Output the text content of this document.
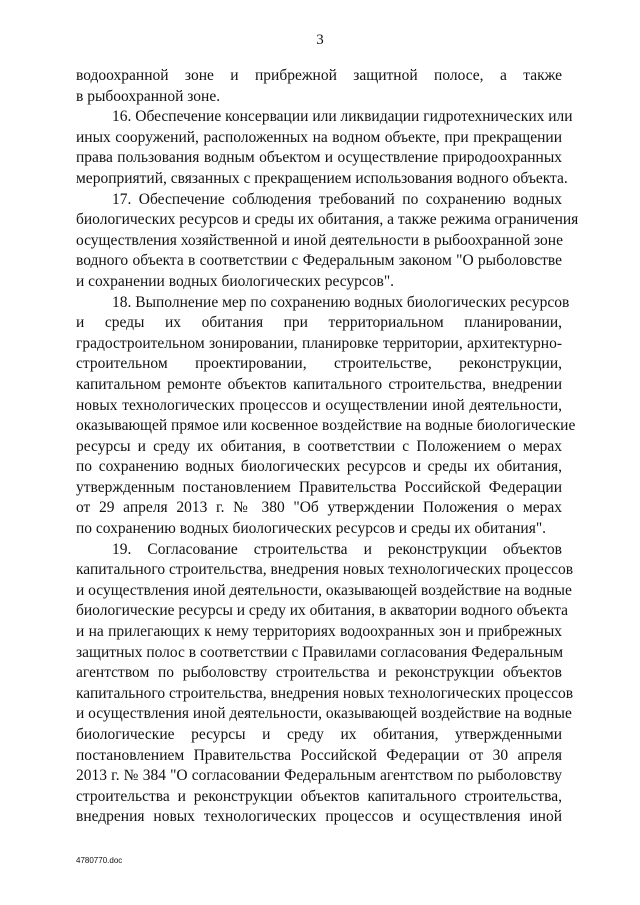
3

водоохранной зоне и прибрежной защитной полосе, а также
в рыбоохранной зоне.

16. Обеспечение консервации или ликвидации гидротехнических или
иных сооружений, расположенных на водном объекте, при прекращении
права пользования водным объектом и осуществление природоохранных
мероприятий, связанных с прекращением использования водного объекта.

17. Обеспечение соблюдения требований по сохранению водных
биологических ресурсов и среды их обитания, а также режима ограничения
осуществления хозяйственной и иной деятельности в рыбоохранной зоне
водного объекта в соответствии с Федеральным законом "О рыболовстве
и сохранении водных биологических ресурсов".

18. Выполнение мер по сохранению водных биологических ресурсов
и среды их обитания при территориальном планировании,
градостроительном зонировании, планировке территории, архитектурно-
строительном проектировании, строительстве, реконструкции,
капитальном ремонте объектов капитального строительства, внедрении
новых технологических процессов и осуществлении иной деятельности,
оказывающей прямое или косвенное воздействие на водные биологические
ресурсы и среду их обитания, в соответствии с Положением о мерах
по сохранению водных биологических ресурсов и среды их обитания,
утвержденным постановлением Правительства Российской Федерации
от 29 апреля 2013 г. № 380 "Об утверждении Положения о мерах
по сохранению водных биологических ресурсов и среды их обитания".

19. Согласование строительства и реконструкции объектов
капитального строительства, внедрения новых технологических процессов
и осуществления иной деятельности, оказывающей воздействие на водные
биологические ресурсы и среду их обитания, в акватории водного объекта
и на прилегающих к нему территориях водоохранных зон и прибрежных
защитных полос в соответствии с Правилами согласования Федеральным
агентством по рыболовству строительства и реконструкции объектов
капитального строительства, внедрения новых технологических процессов
и осуществления иной деятельности, оказывающей воздействие на водные
биологические ресурсы и среду их обитания, утвержденными
постановлением Правительства Российской Федерации от 30 апреля
2013 г. № 384 "О согласовании Федеральным агентством по рыболовству
строительства и реконструкции объектов капитального строительства,
внедрения новых технологических процессов и осуществления иной

4780770.doc
